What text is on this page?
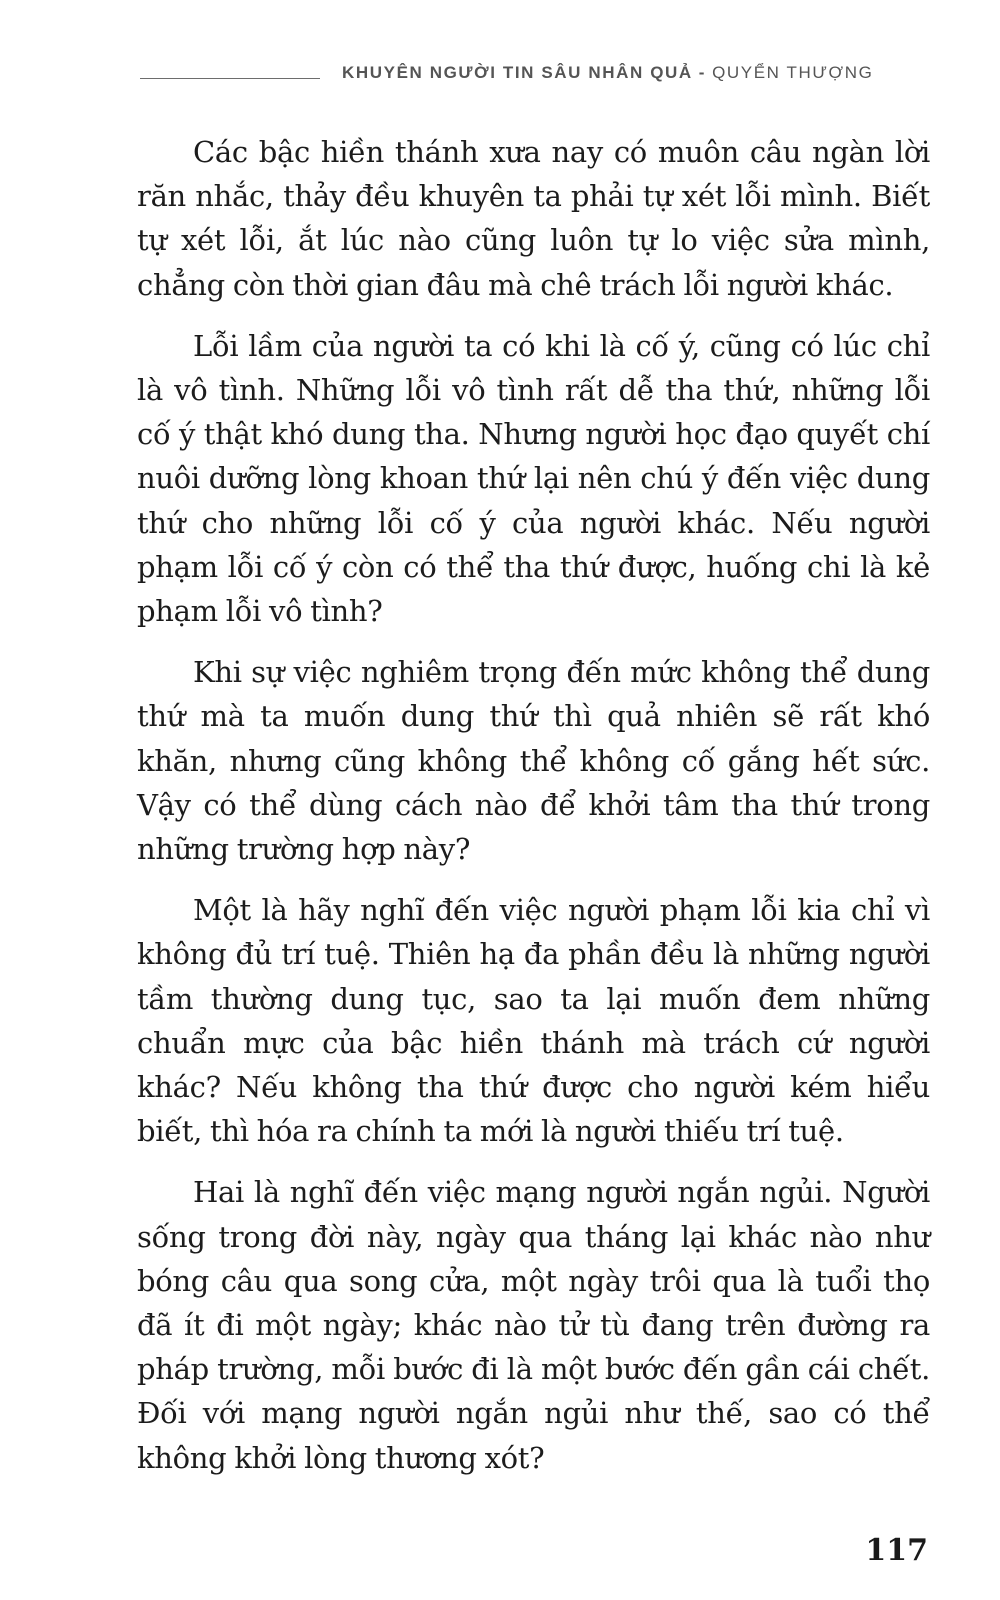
KHUYÊN NGƯỜI TIN SÂU NHÂN QUẢ - QUYỂN THƯỢNG

Các bậc hiền thánh xưa nay có muôn câu ngàn lời răn nhắc, thảy đều khuyên ta phải tự xét lỗi mình. Biết tự xét lỗi, ắt lúc nào cũng luôn tự lo việc sửa mình, chẳng còn thời gian đâu mà chê trách lỗi người khác.

Lỗi lầm của người ta có khi là cố ý, cũng có lúc chỉ là vô tình. Những lỗi vô tình rất dễ tha thứ, những lỗi cố ý thật khó dung tha. Nhưng người học đạo quyết chí nuôi dưỡng lòng khoan thứ lại nên chú ý đến việc dung thứ cho những lỗi cố ý của người khác. Nếu người phạm lỗi cố ý còn có thể tha thứ được, huống chi là kẻ phạm lỗi vô tình?

Khi sự việc nghiêm trọng đến mức không thể dung thứ mà ta muốn dung thứ thì quả nhiên sẽ rất khó khăn, nhưng cũng không thể không cố gắng hết sức. Vậy có thể dùng cách nào để khởi tâm tha thứ trong những trường hợp này?

Một là hãy nghĩ đến việc người phạm lỗi kia chỉ vì không đủ trí tuệ. Thiên hạ đa phần đều là những người tầm thường dung tục, sao ta lại muốn đem những chuẩn mực của bậc hiền thánh mà trách cứ người khác? Nếu không tha thứ được cho người kém hiểu biết, thì hóa ra chính ta mới là người thiếu trí tuệ.

Hai là nghĩ đến việc mạng người ngắn ngủi. Người sống trong đời này, ngày qua tháng lại khác nào như bóng câu qua song cửa, một ngày trôi qua là tuổi thọ đã ít đi một ngày; khác nào tử tù đang trên đường ra pháp trường, mỗi bước đi là một bước đến gần cái chết. Đối với mạng người ngắn ngủi như thế, sao có thể không khởi lòng thương xót?

117
